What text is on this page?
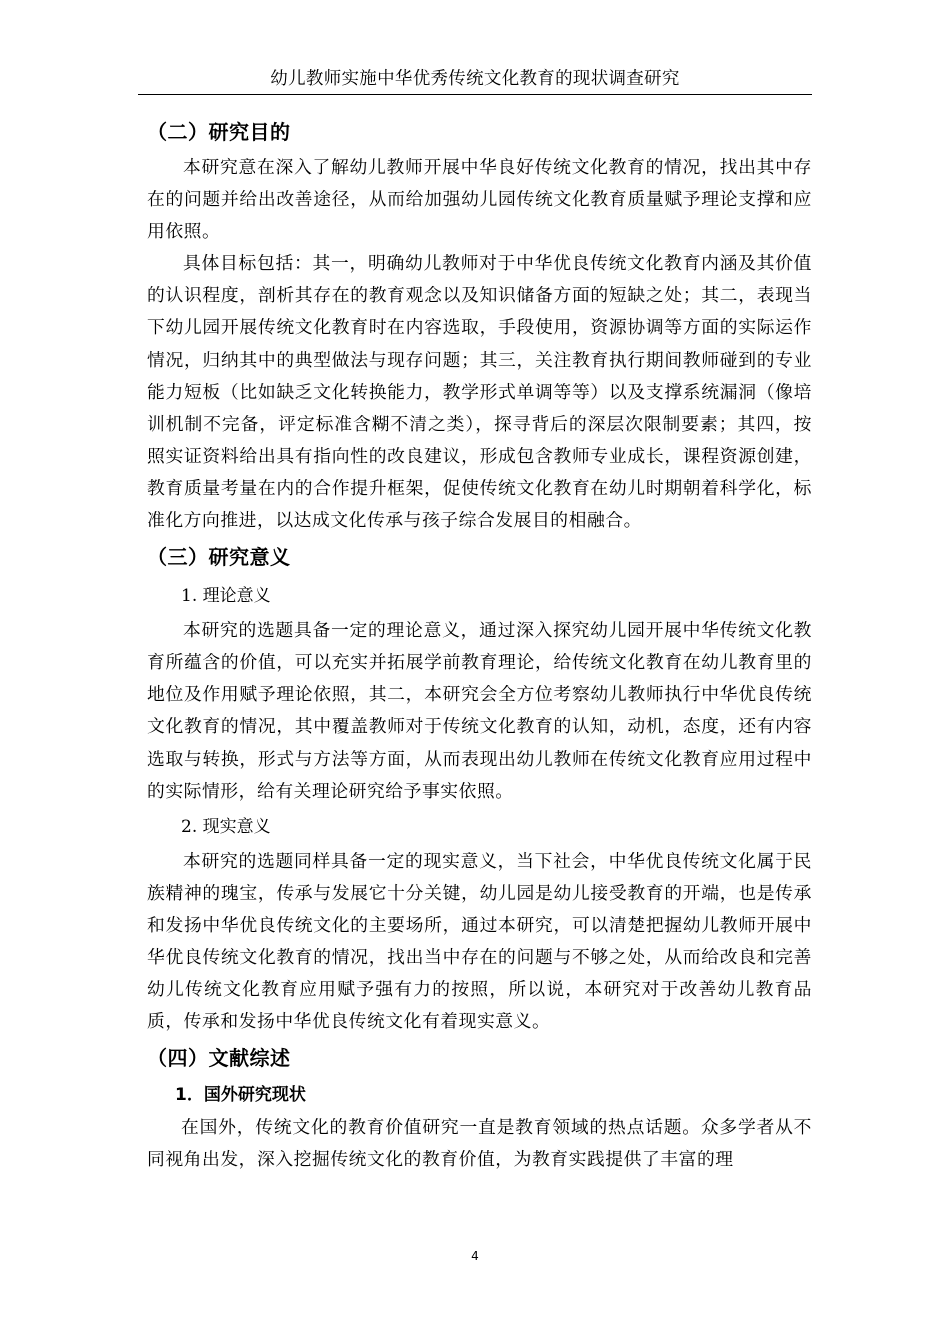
幼儿教师实施中华优秀传统文化教育的现状调查研究
（二）研究目的

本研究意在深入了解幼儿教师开展中华良好传统文化教育的情况，找出其中存在的问题并给出改善途径，从而给加强幼儿园传统文化教育质量赋予理论支撑和应用依照。

具体目标包括：其一，明确幼儿教师对于中华优良传统文化教育内涵及其价值的认识程度，剖析其存在的教育观念以及知识储备方面的短缺之处；其二，表现当下幼儿园开展传统文化教育时在内容选取，手段使用，资源协调等方面的实际运作情况，归纳其中的典型做法与现存问题；其三，关注教育执行期间教师碰到的专业能力短板（比如缺乏文化转换能力，教学形式单调等等）以及支撑系统漏洞（像培训机制不完备，评定标准含糊不清之类），探寻背后的深层次限制要素；其四，按照实证资料给出具有指向性的改良建议，形成包含教师专业成长，课程资源创建，教育质量考量在内的合作提升框架，促使传统文化教育在幼儿时期朝着科学化，标准化方向推进，以达成文化传承与孩子综合发展目的相融合。

（三）研究意义
1. 理论意义

本研究的选题具备一定的理论意义，通过深入探究幼儿园开展中华传统文化教育所蕴含的价值，可以充实并拓展学前教育理论，给传统文化教育在幼儿教育里的地位及作用赋予理论依照，其二，本研究会全方位考察幼儿教师执行中华优良传统文化教育的情况，其中覆盖教师对于传统文化教育的认知，动机，态度，还有内容选取与转换，形式与方法等方面，从而表现出幼儿教师在传统文化教育应用过程中的实际情形，给有关理论研究给予事实依照。

2. 现实意义

本研究的选题同样具备一定的现实意义，当下社会，中华优良传统文化属于民族精神的瑰宝，传承与发展它十分关键，幼儿园是幼儿接受教育的开端，也是传承和发扬中华优良传统文化的主要场所，通过本研究，可以清楚把握幼儿教师开展中华优良传统文化教育的情况，找出当中存在的问题与不够之处，从而给改良和完善幼儿传统文化教育应用赋予强有力的按照，所以说，本研究对于改善幼儿教育品质，传承和发扬中华优良传统文化有着现实意义。

（四）文献综述
1．国外研究现状

在国外，传统文化的教育价值研究一直是教育领域的热点话题。众多学者从不同视角出发，深入挖掘传统文化的教育价值，为教育实践提供了丰富的理

4
